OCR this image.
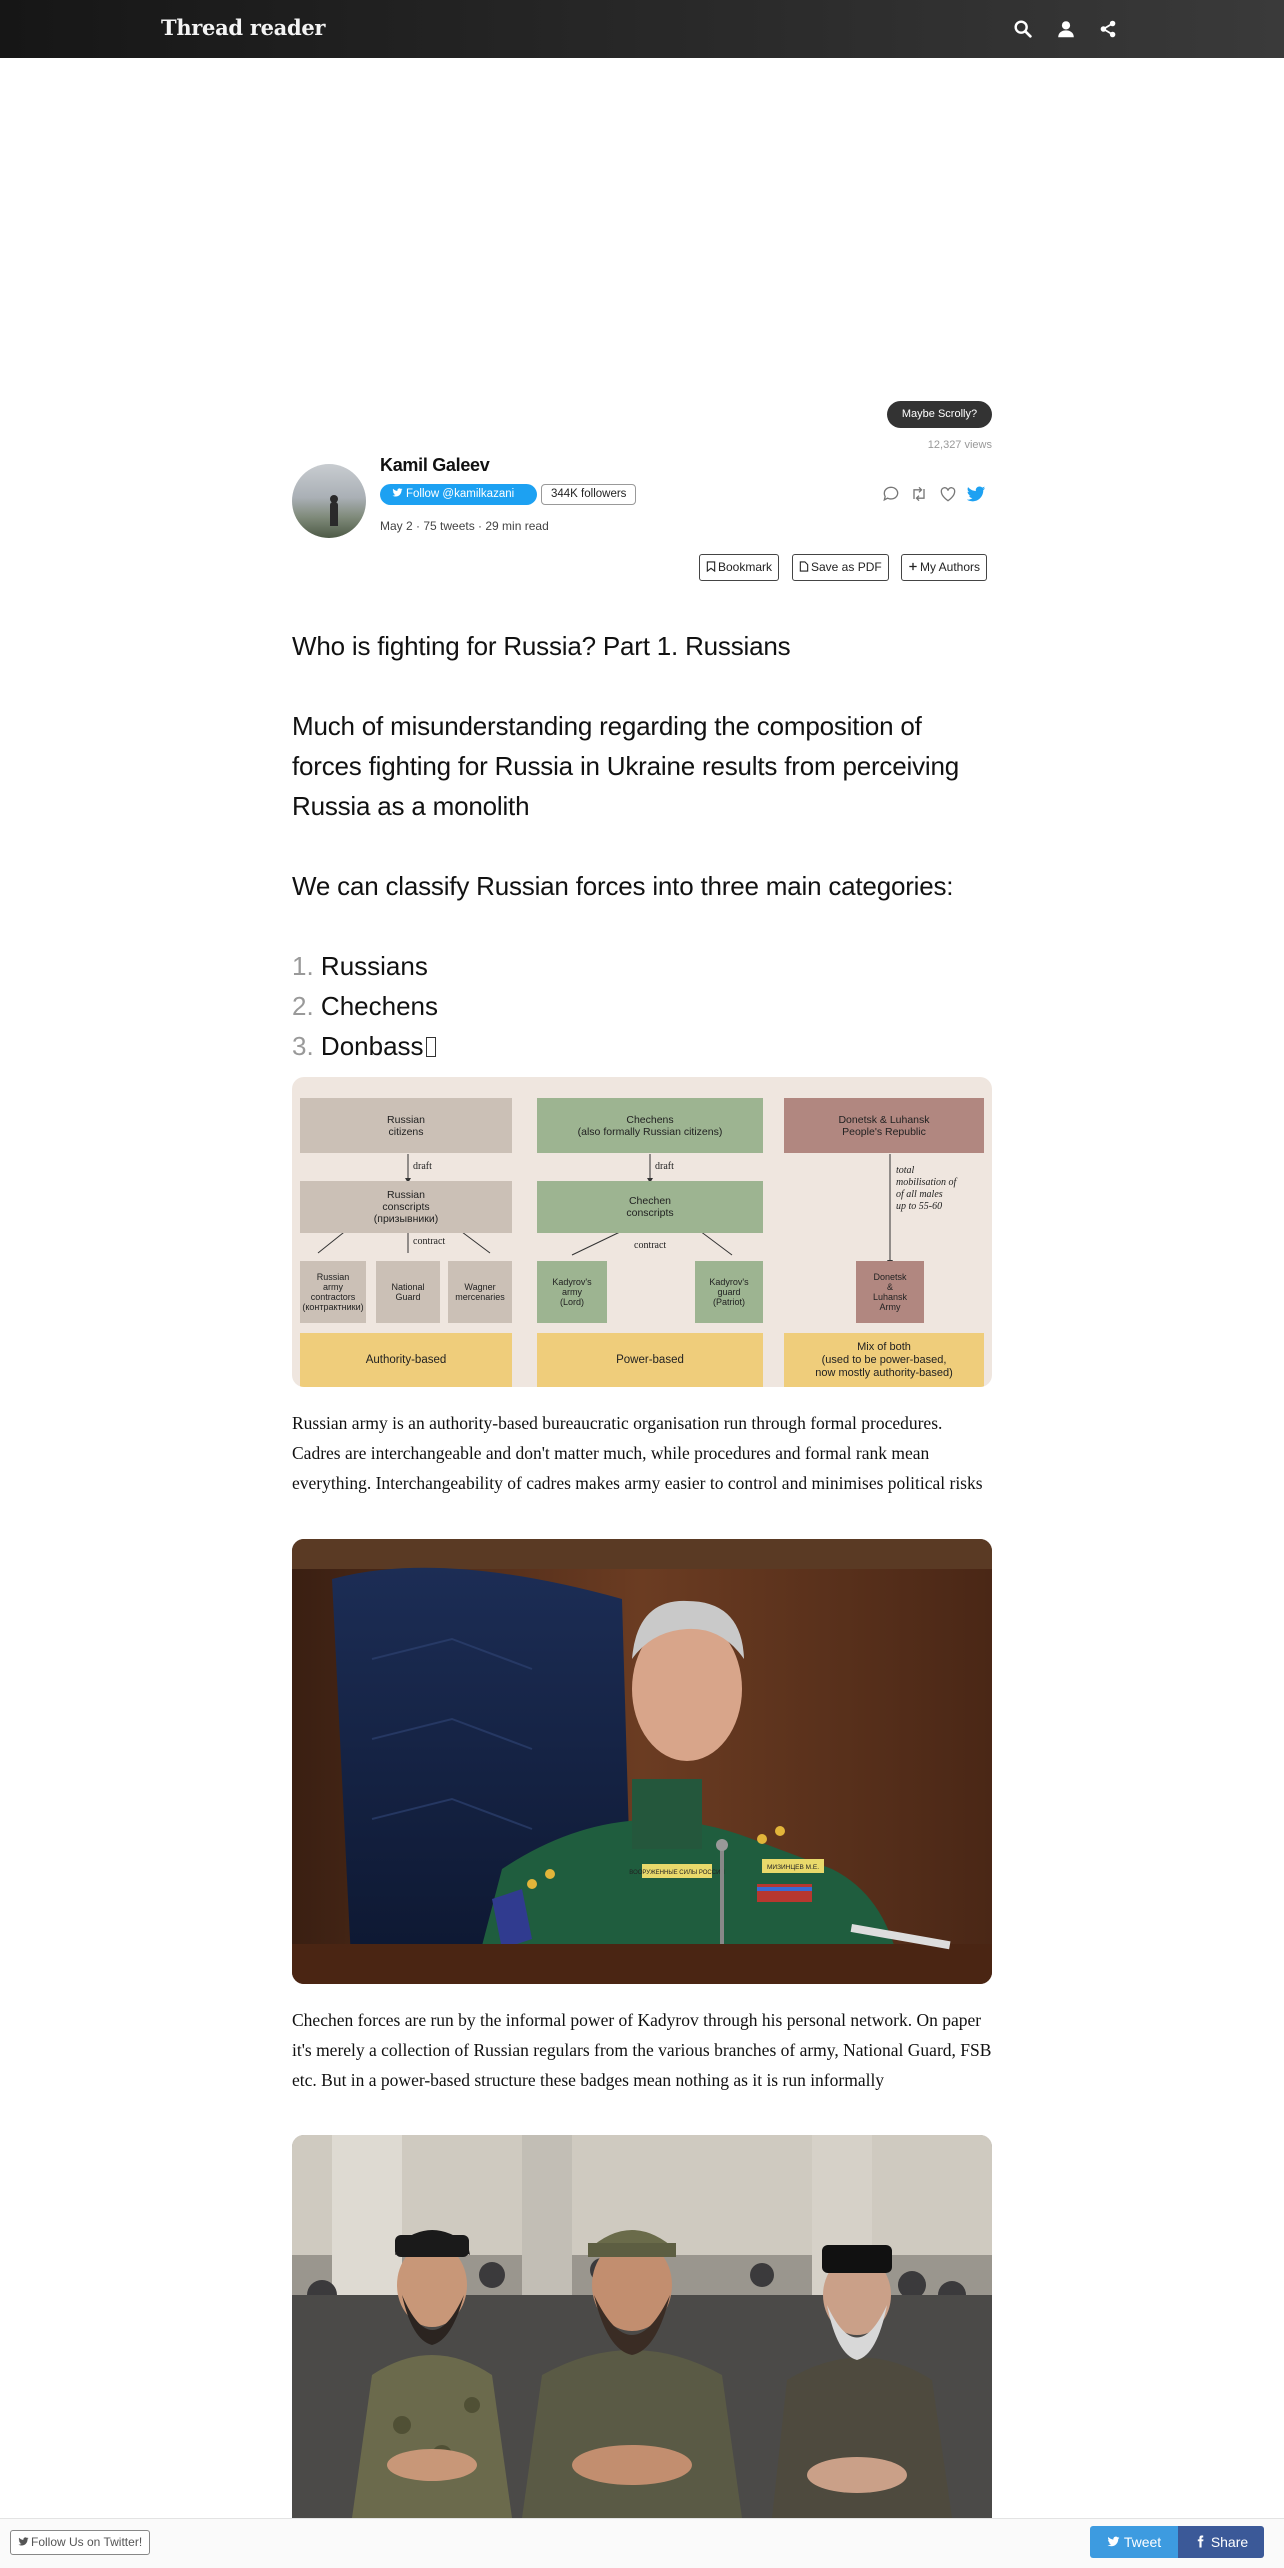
Thread reader
Maybe Scrolly?
12,327 views
Kamil Galeev
Follow @kamilkazani	344K followers
May 2 · 75 tweets · 29 min read

Bookmark	Save as PDF	My Authors
Who is fighting for Russia? Part 1. Russians
Much of misunderstanding regarding the composition of forces fighting for Russia in Ukraine results from perceiving Russia as a monolith
We can classify Russian forces into three main categories:
1. Russians
2. Chechens
3. Donbass
Russian
citizens
draft
Russian
conscripts
(призывники)
contract
Russian
army
contractors
(контрактники)
National
Guard
Wagner
mercenaries
Authority-based
Chechens
(also formally Russian citizens)
draft
Chechen
conscripts
contract
Kadyrov's
army
(Lord)
Kadyrov's
guard
(Patriot)
Power-based
Donetsk & Luhansk
People's Republic
total
mobilisation of
of all males
up to 55-60
Donetsk
&
Luhansk
Army
Mix of both
(used to be power-based,
now mostly authority-based)
Russian army is an authority-based bureaucratic organisation run through formal procedures. Cadres are interchangeable and don't matter much, while procedures and formal rank mean everything. Interchangeability of cadres makes army easier to control and minimises political risks
ВООРУЖЕННЫЕ СИЛЫ РОССИИ
МИЗИНЦЕВ М.Е.
Chechen forces are run by the informal power of Kadyrov through his personal network. On paper it's merely a collection of Russian regulars from the various branches of army, National Guard, FSB etc. But in a power-based structure these badges mean nothing as it is run informally
Follow Us on Twitter!	Tweet	Share
